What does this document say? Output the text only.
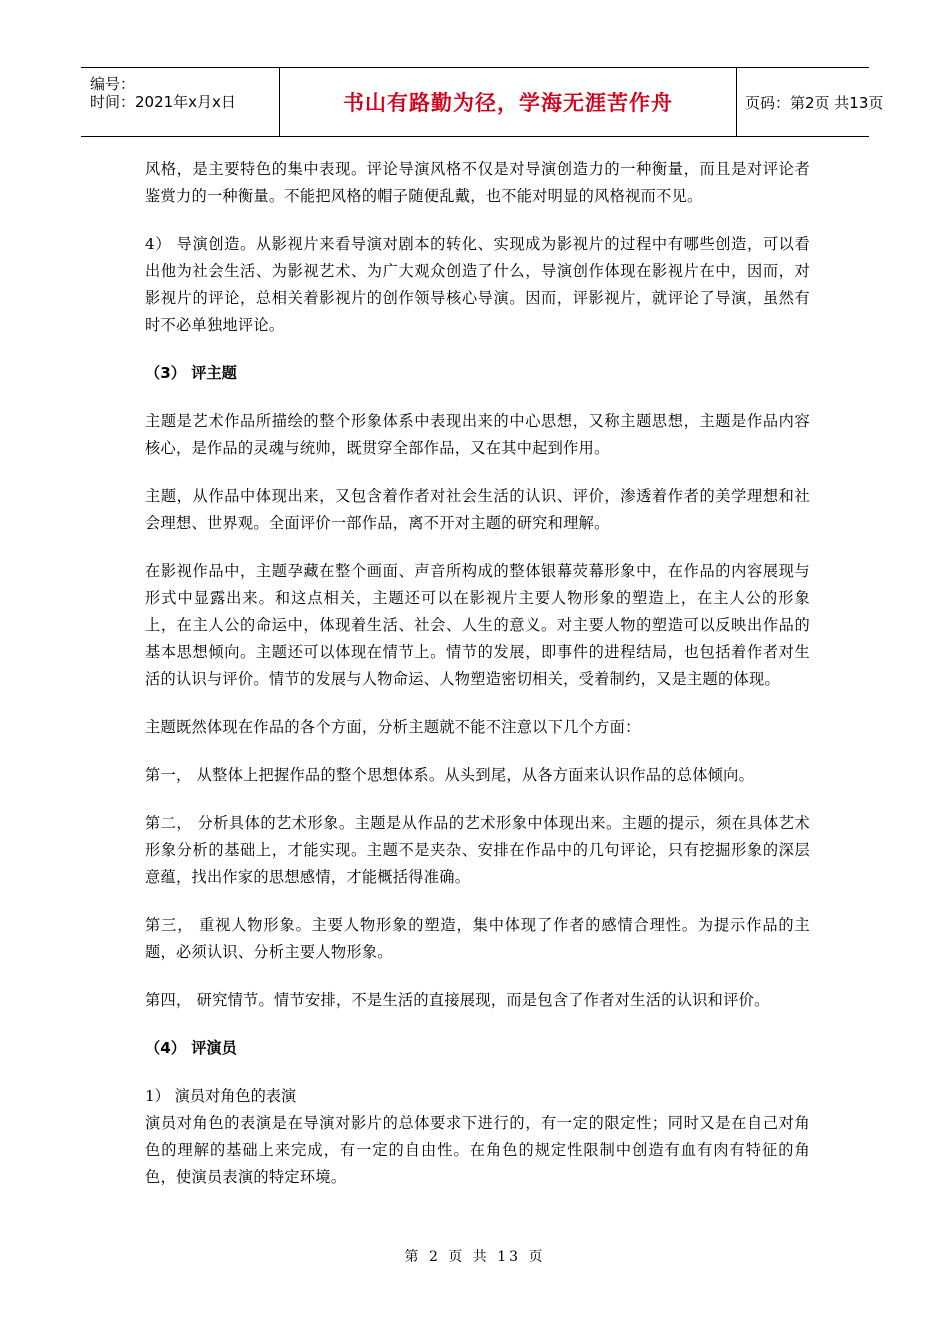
编号：
时间：2021年x月x日	书山有路勤为径，学海无涯苦作舟	页码：第2页 共13页

风格，是主要特色的集中表现。评论导演风格不仅是对导演创造力的一种衡量，而且是对评论者鉴赏力的一种衡量。不能把风格的帽子随便乱戴，也不能对明显的风格视而不见。

4） 导演创造。从影视片来看导演对剧本的转化、实现成为影视片的过程中有哪些创造，可以看出他为社会生活、为影视艺术、为广大观众创造了什么，导演创作体现在影视片在中，因而，对影视片的评论，总相关着影视片的创作领导核心导演。因而，评影视片，就评论了导演，虽然有时不必单独地评论。

（3） 评主题

主题是艺术作品所描绘的整个形象体系中表现出来的中心思想，又称主题思想，主题是作品内容核心，是作品的灵魂与统帅，既贯穿全部作品，又在其中起到作用。

主题，从作品中体现出来，又包含着作者对社会生活的认识、评价，渗透着作者的美学理想和社会理想、世界观。全面评价一部作品，离不开对主题的研究和理解。

在影视作品中，主题孕藏在整个画面、声音所构成的整体银幕荧幕形象中，在作品的内容展现与形式中显露出来。和这点相关，主题还可以在影视片主要人物形象的塑造上，在主人公的形象上，在主人公的命运中，体现着生活、社会、人生的意义。对主要人物的塑造可以反映出作品的基本思想倾向。主题还可以体现在情节上。情节的发展，即事件的进程结局，也包括着作者对生活的认识与评价。情节的发展与人物命运、人物塑造密切相关，受着制约，又是主题的体现。

主题既然体现在作品的各个方面，分析主题就不能不注意以下几个方面：

第一， 从整体上把握作品的整个思想体系。从头到尾，从各方面来认识作品的总体倾向。

第二， 分析具体的艺术形象。主题是从作品的艺术形象中体现出来。主题的提示，须在具体艺术形象分析的基础上，才能实现。主题不是夹杂、安排在作品中的几句评论，只有挖掘形象的深层意蕴，找出作家的思想感情，才能概括得准确。

第三， 重视人物形象。主要人物形象的塑造，集中体现了作者的感情合理性。为提示作品的主题，必须认识、分析主要人物形象。

第四， 研究情节。情节安排，不是生活的直接展现，而是包含了作者对生活的认识和评价。

（4） 评演员

1） 演员对角色的表演

演员对角色的表演是在导演对影片的总体要求下进行的，有一定的限定性；同时又是在自己对角色的理解的基础上来完成，有一定的自由性。在角色的规定性限制中创造有血有肉有特征的角色，使演员表演的特定环境。

第 2 页 共 13 页
